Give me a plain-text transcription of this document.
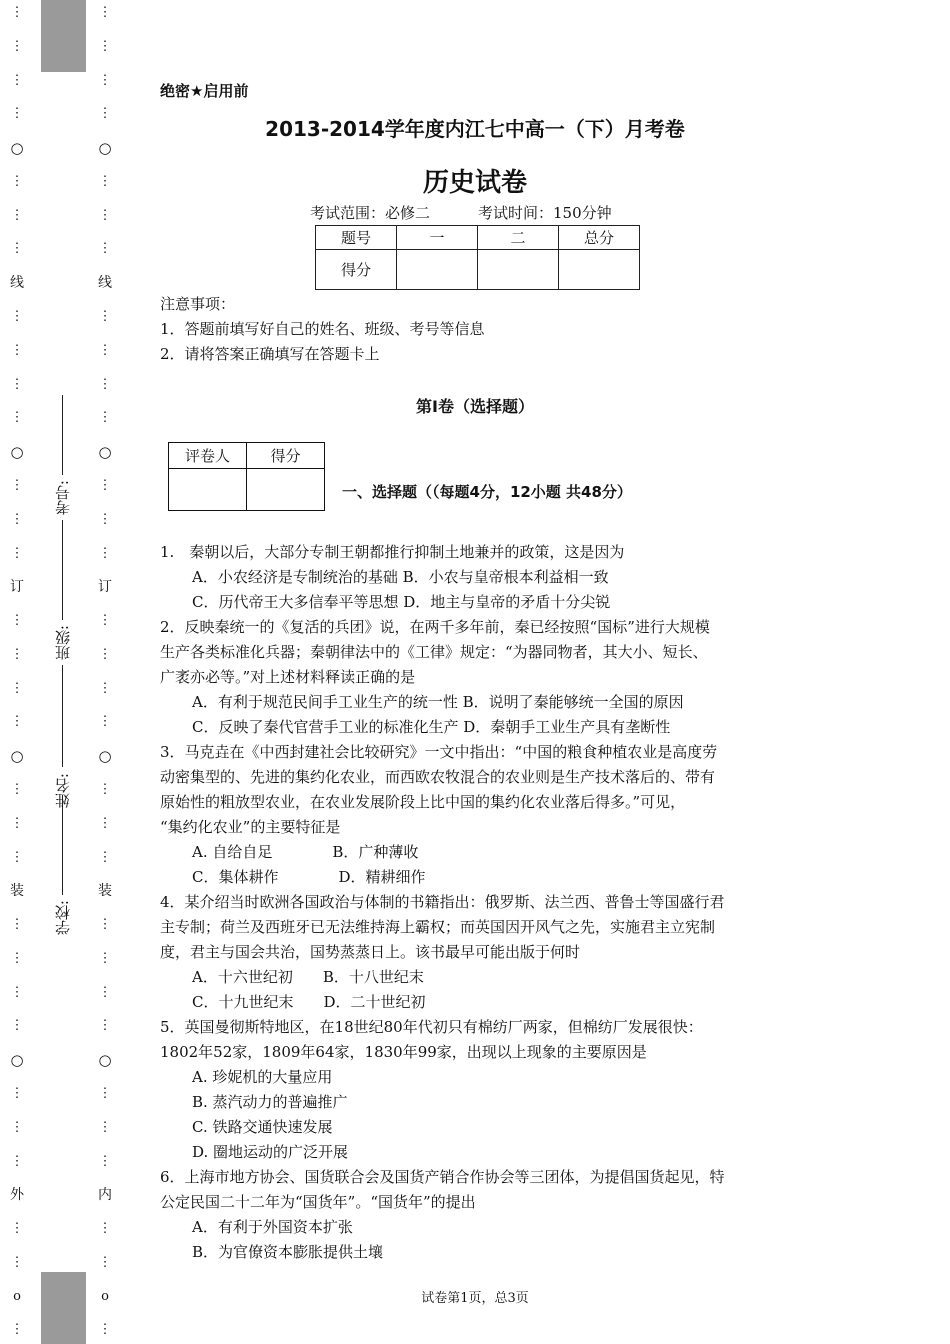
⋮
⋮
⋮
⋮
○
⋮
⋮
⋮
线
⋮
⋮
⋮
⋮
○
⋮
⋮
⋮
订
⋮
⋮
⋮
⋮
○
⋮
⋮
⋮
装
⋮
⋮
⋮
⋮
○
⋮
⋮
⋮
外
⋮
⋮
o
⋮
⋮
⋮
⋮
⋮
○
⋮
⋮
⋮
线
⋮
⋮
⋮
⋮
○
⋮
⋮
⋮
订
⋮
⋮
⋮
⋮
○
⋮
⋮
⋮
装
⋮
⋮
⋮
⋮
○
⋮
⋮
⋮
内
⋮
⋮
o
⋮
学校:
姓名:
班级:
考号:
绝密★启用前
2013-2014学年度内江七中高一（下）月考卷
历史试卷
考试范围：必修二	考试时间：150分钟
题号	一	二	总分
得分			
注意事项：
1．答题前填写好自己的姓名、班级、考号等信息
2．请将答案正确填写在答题卡上
第I卷（选择题）
评卷人	得分

一、选择题（（每题4分，12小题 共48分）
1.　秦朝以后，大部分专制王朝都推行抑制土地兼并的政策，这是因为
A．小农经济是专制统治的基础 B．小农与皇帝根本利益相一致
C．历代帝王大多信奉平等思想 D．地主与皇帝的矛盾十分尖锐
2．反映秦统一的《复活的兵团》说，在两千多年前，秦已经按照“国标”进行大规模
生产各类标准化兵器；秦朝律法中的《工律》规定：“为器同物者，其大小、短长、
广袤亦必等。”对上述材料释读正确的是
A．有利于规范民间手工业生产的统一性 B．说明了秦能够统一全国的原因
C．反映了秦代官营手工业的标准化生产 D．秦朝手工业生产具有垄断性
3．马克垚在《中西封建社会比较研究》一文中指出：“中国的粮食种植农业是高度劳
动密集型的、先进的集约化农业，而西欧农牧混合的农业则是生产技术落后的、带有
原始性的粗放型农业，在农业发展阶段上比中国的集约化农业落后得多。”可见，
“集约化农业”的主要特征是
A. 自给自足　　　　B．广种薄收
C．集体耕作　　　　D．精耕细作
4．某介绍当时欧洲各国政治与体制的书籍指出：俄罗斯、法兰西、普鲁士等国盛行君
主专制；荷兰及西班牙已无法维持海上霸权；而英国因开风气之先，实施君主立宪制
度，君主与国会共治，国势蒸蒸日上。该书最早可能出版于何时
A．十六世纪初　　B．十八世纪末
C．十九世纪末　　D．二十世纪初
5．英国曼彻斯特地区，在18世纪80年代初只有棉纺厂两家，但棉纺厂发展很快：
1802年52家，1809年64家，1830年99家，出现以上现象的主要原因是
A. 珍妮机的大量应用
B. 蒸汽动力的普遍推广
C. 铁路交通快速发展
D. 圈地运动的广泛开展
6．上海市地方协会、国货联合会及国货产销合作协会等三团体，为提倡国货起见，特
公定民国二十二年为“国货年”。“国货年”的提出
A．有利于外国资本扩张
B．为官僚资本膨胀提供土壤
试卷第1页，总3页
